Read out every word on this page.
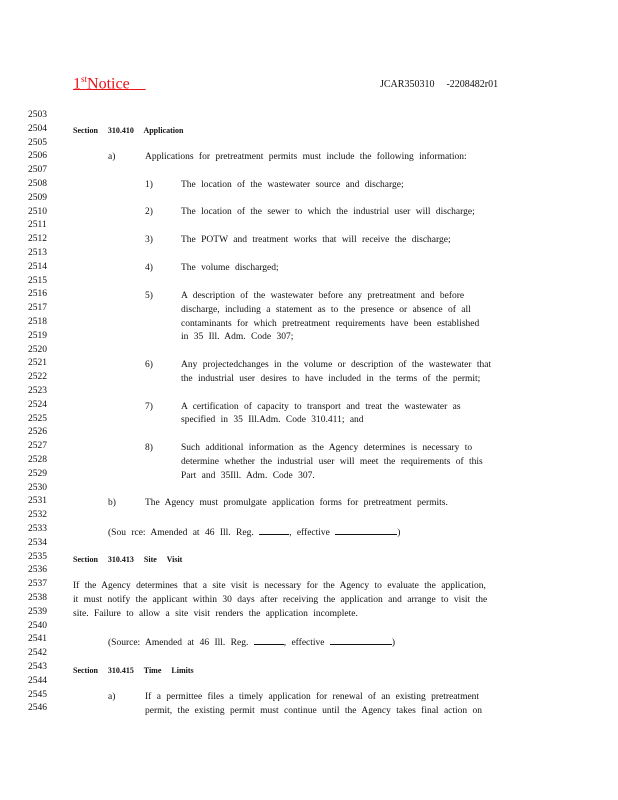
1stNotice	JCAR350310 -2208482r01
2503
2504
2505
2506
2507
2508
2509
2510
2511
2512
2513
2514
2515
2516
2517
2518
2519
2520
2521
2522
2523
2524
2525
2526
2527
2528
2529
2530
2531
2532
2533
2534
2535
2536
2537
2538
2539
2540
2541
2542
2543
2544
2545
2546
Section 310.410 Application
a)	Applications for pretreatment permits must include the following information:
1)	The location of the wastewater source and discharge;
2)	The location of the sewer to which the industrial user will discharge;
3)	The POTW and treatment works that will receive the discharge;
4)	The volume discharged;
5)	A description of the wastewater before any pretreatment and before
discharge, including a statement as to the presence or absence of all
contaminants for which pretreatment requirements have been established
in 35 Ill. Adm. Code 307;
6)	Any projectedchanges in the volume or description of the wastewater that
the industrial user desires to have included in the terms of the permit;
7)	A certification of capacity to transport and treat the wastewater as
specified in 35 Ill.Adm. Code 310.411; and
8)	Such additional information as the Agency determines is necessary to
determine whether the industrial user will meet the requirements of this
Part and 35Ill. Adm. Code 307.
b)	The Agency must promulgate application forms for pretreatment permits.
(Sou rce: Amended at 46 Ill. Reg.	, effective	)
Section 310.413 Site Visit
If the Agency determines that a site visit is necessary for the Agency to evaluate the application,
it must notify the applicant within 30 days after receiving the application and arrange to visit the
site. Failure to allow a site visit renders the application incomplete.
(Source: Amended at 46 Ill. Reg.	, effective	)
Section 310.415 Time Limits
a)	If a permittee files a timely application for renewal of an existing pretreatment
permit, the existing permit must continue until the Agency takes final action on
